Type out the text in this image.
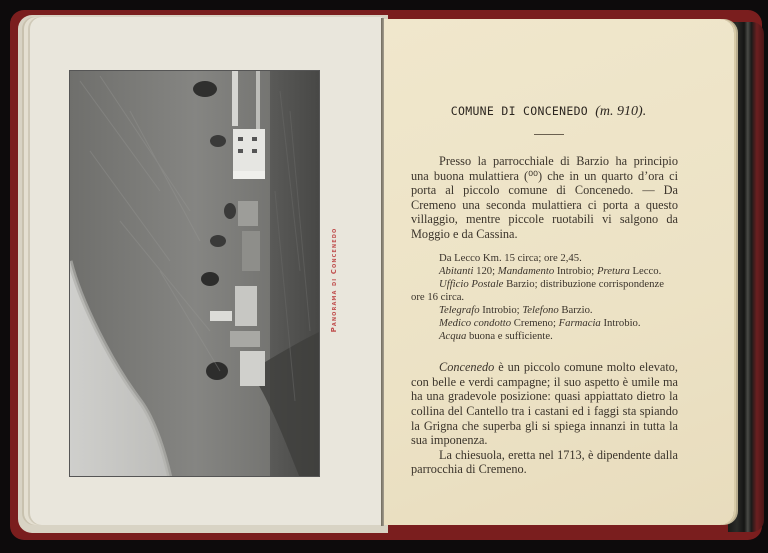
Panorama di Concenedo
COMUNE DI CONCENEDO (m. 910).

Presso la parrocchiale di Barzio ha principio una buona mulattiera (⁰⁰) che in un quarto d’ora ci porta al piccolo comune di Concenedo. — Da Cremeno una seconda mulattiera ci porta a questo villaggio, mentre piccole ruotabili vi salgono da Moggio e da Cassina.

Da Lecco Km. 15 circa; ore 2,45.
Abitanti 120; Mandamento Introbio; Pretura Lecco.
Ufficio Postale Barzio; distribuzione corrispondenze
ore 16 circa.
Telegrafo Introbio; Telefono Barzio.
Medico condotto Cremeno; Farmacia Introbio.
Acqua buona e sufficiente.

Concenedo è un piccolo comune molto elevato, con belle e verdi campagne; il suo aspetto è umile ma ha una gradevole posizione: quasi appiattato dietro la collina del Cantello tra i castani ed i faggi sta spiando la Grigna che superba gli si spiega innanzi in tutta la sua imponenza.

La chiesuola, eretta nel 1713, è dipendente dalla parrocchia di Cremeno.
